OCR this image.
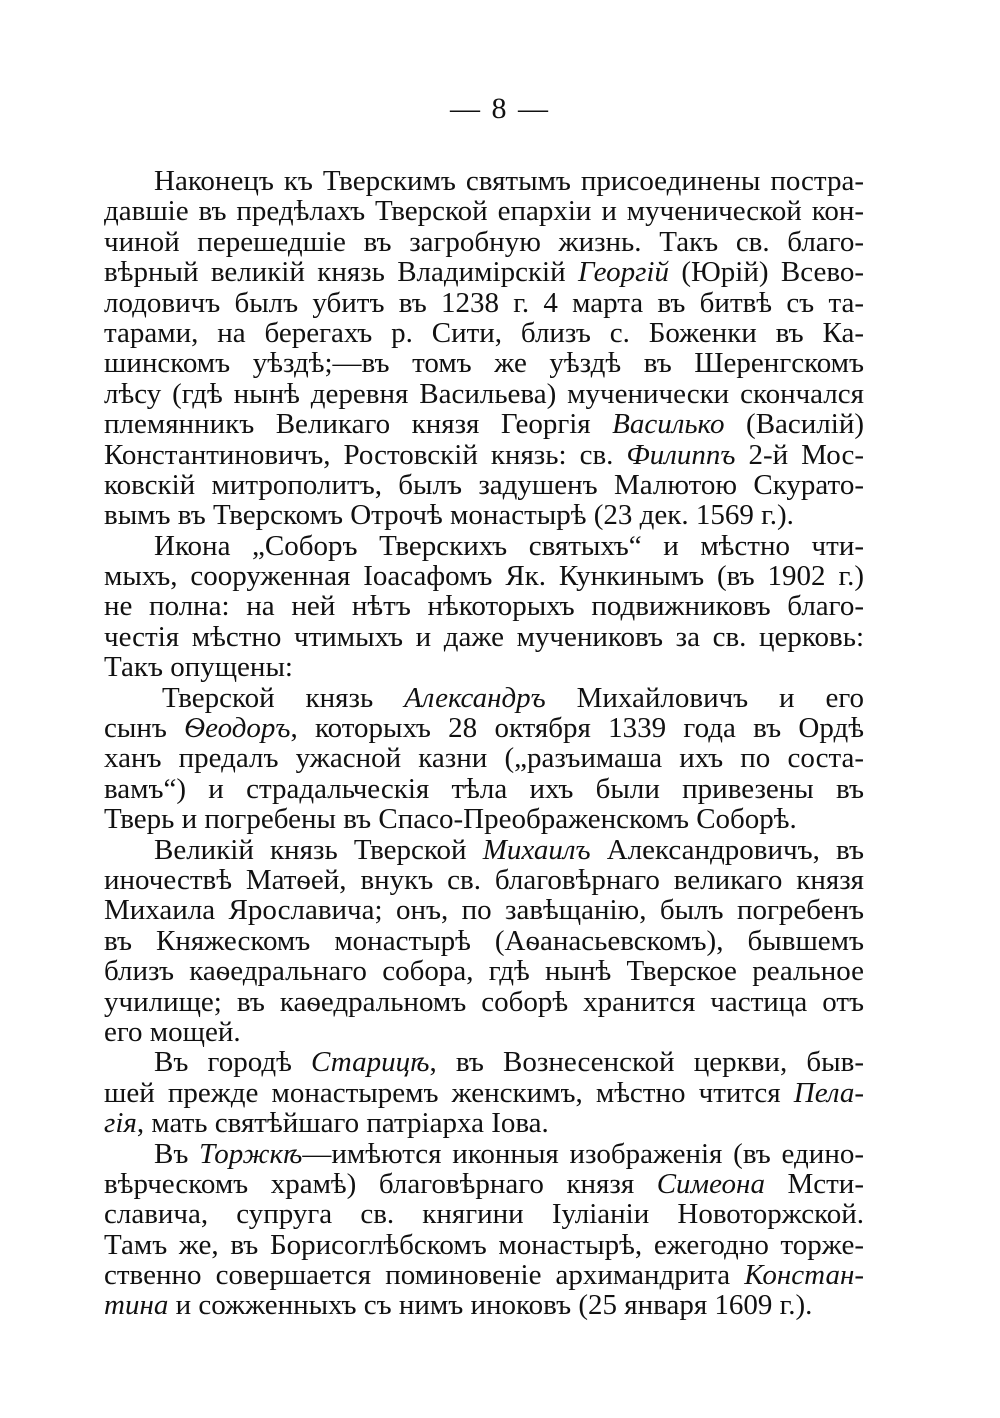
— 8 —
Наконецъ къ Тверскимъ святымъ присоединены постра-
давшіе въ предѣлахъ Тверской епархіи и мученической кон-
чиной перешедшіе въ загробную жизнь. Такъ св. благо-
вѣрный великій князь Владимірскій Георгій (Юрій) Всево-
лодовичъ былъ убитъ въ 1238 г. 4 марта въ битвѣ съ та-
тарами, на берегахъ р. Сити, близъ с. Боженки въ Ка-
шинскомъ уѣздѣ;—въ томъ же уѣздѣ въ Шеренгскомъ
лѣсу (гдѣ нынѣ деревня Васильева) мученически скончался
племянникъ Великаго князя Георгія Василько (Василій)
Константиновичъ, Ростовскій князь: св. Филиппъ 2-й Мос-
ковскій митрополитъ, былъ задушенъ Малютою Скурато-
вымъ въ Тверскомъ Отрочѣ монастырѣ (23 дек. 1569 г.).
Икона „Соборъ Тверскихъ святыхъ“ и мѣстно чти-
мыхъ, сооруженная Іоасафомъ Як. Кункинымъ (въ 1902 г.)
не полна: на ней нѣтъ нѣкоторыхъ подвижниковъ благо-
честія мѣстно чтимыхъ и даже мучениковъ за св. церковь:
Такъ опущены:
Тверской князь Александръ Михайловичъ и его
сынъ Ѳеодоръ, которыхъ 28 октября 1339 года въ Ордѣ
ханъ предалъ ужасной казни („разъимаша ихъ по соста-
вамъ“) и страдальческія тѣла ихъ были привезены въ
Тверь и погребены въ Спасо-Преображенскомъ Соборѣ.
Великій князь Тверской Михаилъ Александровичъ, въ
иночествѣ Матѳей, внукъ св. благовѣрнаго великаго князя
Михаила Ярославича; онъ, по завѣщанію, былъ погребенъ
въ Княжескомъ монастырѣ (Аѳанасьевскомъ), бывшемъ
близъ каѳедральнаго собора, гдѣ нынѣ Тверское реальное
училище; въ каѳедральномъ соборѣ хранится частица отъ
его мощей.
Въ городѣ Старицѣ, въ Вознесенской церкви, быв-
шей прежде монастыремъ женскимъ, мѣстно чтится Пела-
гія, мать святѣйшаго патріарха Іова.
Въ Торжкѣ—имѣются иконныя изображенія (въ едино-
вѣрческомъ храмѣ) благовѣрнаго князя Симеона Мсти-
славича, супруга св. княгини Іуліаніи Новоторжской.
Тамъ же, въ Борисоглѣбскомъ монастырѣ, ежегодно торже-
ственно совершается поминовеніе архимандрита Констан-
тина и сожженныхъ съ нимъ иноковъ (25 января 1609 г.).
